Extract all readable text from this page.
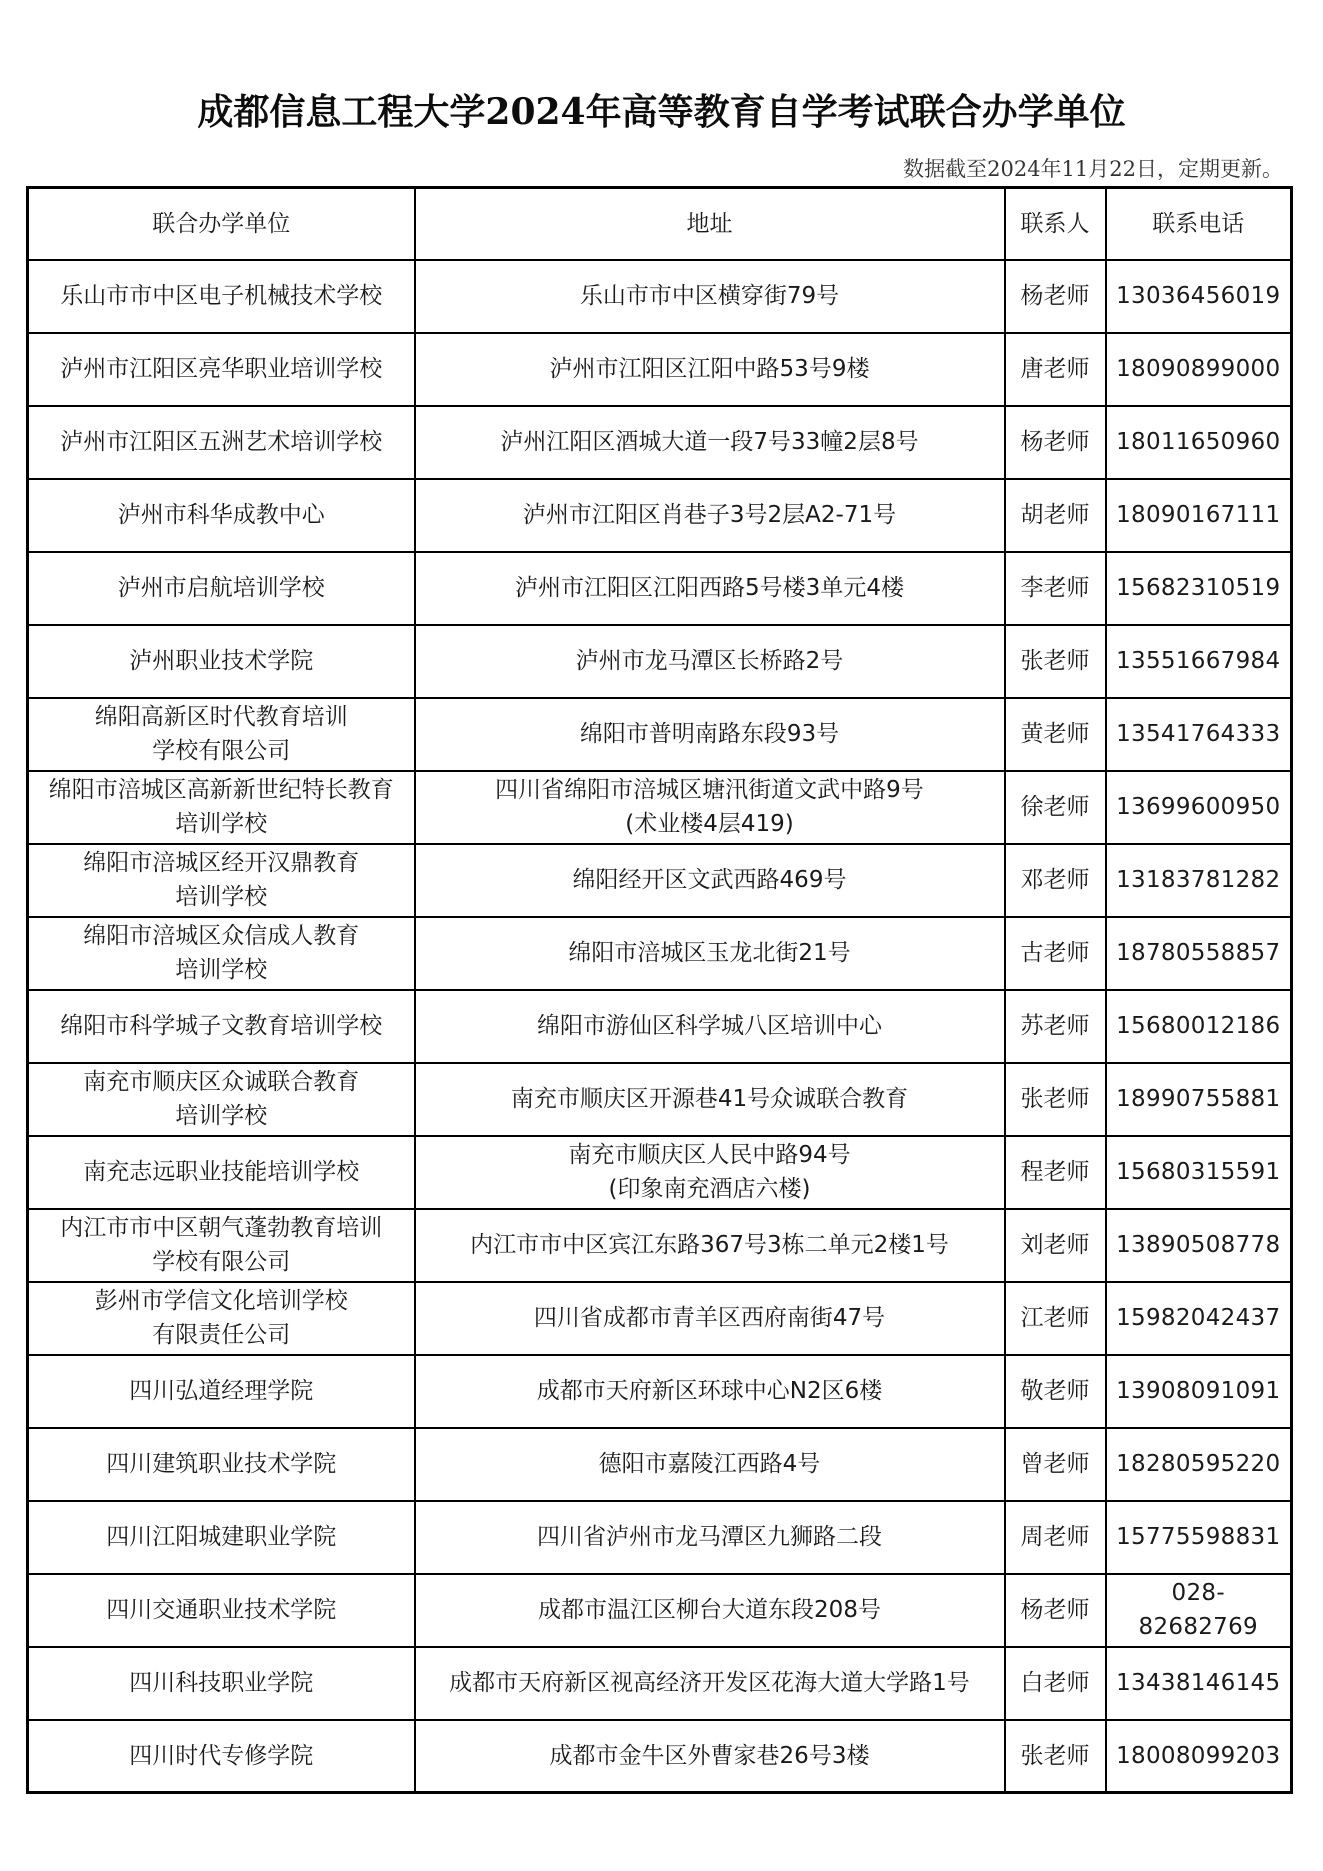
成都信息工程大学2024年高等教育自学考试联合办学单位
数据截至2024年11月22日，定期更新。
联合办学单位	地址	联系人	联系电话

乐山市市中区电子机械技术学校	乐山市市中区横穿街79号	杨老师	13036456019

泸州市江阳区亮华职业培训学校	泸州市江阳区江阳中路53号9楼	唐老师	18090899000

泸州市江阳区五洲艺术培训学校	泸州江阳区酒城大道一段7号33幢2层8号	杨老师	18011650960

泸州市科华成教中心	泸州市江阳区肖巷子3号2层A2-71号	胡老师	18090167111

泸州市启航培训学校	泸州市江阳区江阳西路5号楼3单元4楼	李老师	15682310519

泸州职业技术学院	泸州市龙马潭区长桥路2号	张老师	13551667984

绵阳高新区时代教育培训
学校有限公司	绵阳市普明南路东段93号	黄老师	13541764333

绵阳市涪城区高新新世纪特长教育
培训学校	四川省绵阳市涪城区塘汛街道文武中路9号
(术业楼4层419)	徐老师	13699600950

绵阳市涪城区经开汉鼎教育
培训学校	绵阳经开区文武西路469号	邓老师	13183781282

绵阳市涪城区众信成人教育
培训学校	绵阳市涪城区玉龙北街21号	古老师	18780558857

绵阳市科学城子文教育培训学校	绵阳市游仙区科学城八区培训中心	苏老师	15680012186

南充市顺庆区众诚联合教育
培训学校	南充市顺庆区开源巷41号众诚联合教育	张老师	18990755881

南充志远职业技能培训学校	南充市顺庆区人民中路94号
(印象南充酒店六楼)	程老师	15680315591

内江市市中区朝气蓬勃教育培训
学校有限公司	内江市市中区宾江东路367号3栋二单元2楼1号	刘老师	13890508778

彭州市学信文化培训学校
有限责任公司	四川省成都市青羊区西府南街47号	江老师	15982042437

四川弘道经理学院	成都市天府新区环球中心N2区6楼	敬老师	13908091091

四川建筑职业技术学院	德阳市嘉陵江西路4号	曾老师	18280595220

四川江阳城建职业学院	四川省泸州市龙马潭区九狮路二段	周老师	15775598831

四川交通职业技术学院	成都市温江区柳台大道东段208号	杨老师	028-82682769

四川科技职业学院	成都市天府新区视高经济开发区花海大道大学路1号	白老师	13438146145

四川时代专修学院	成都市金牛区外曹家巷26号3楼	张老师	18008099203
